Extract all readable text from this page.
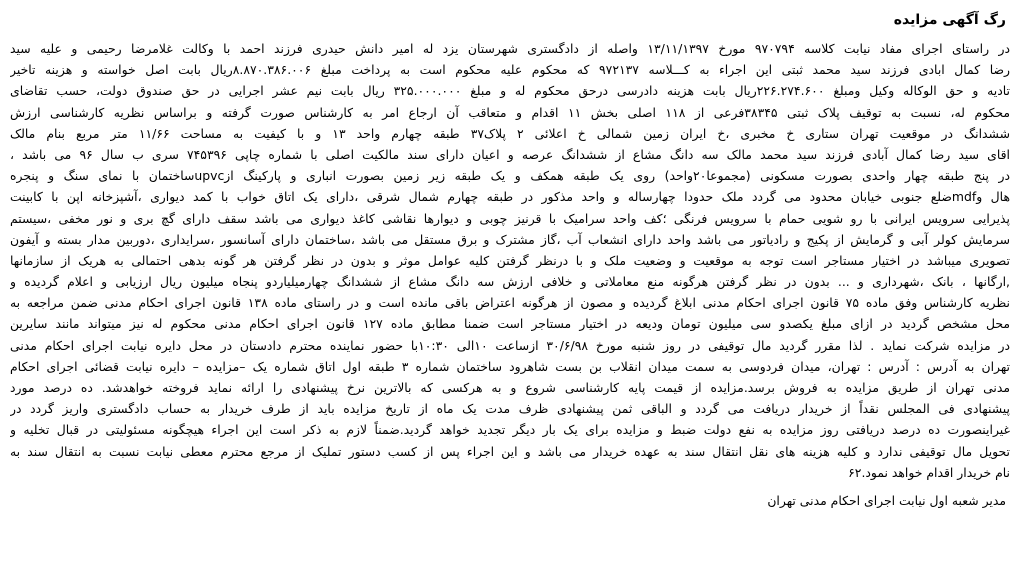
رگ آگهی مزایده
در راستای اجرای مفاد نیابت کلاسه ۹۷۰۷۹۴ مورخ ۱۳/۱۱/۱۳۹۷ واصله از دادگستری شهرستان یزد له امیر دانش حیدری فرزند احمد با وکالت غلامرضا رحیمی و علیه سید
رضا کمال ابادی فرزند سید محمد ثبتی این اجراء به کـــلاسه ۹۷۲۱۳۷ که محکوم علیه محکوم است به پرداخت مبلغ ۸.۸۷۰.۳۸۶.۰۰۶ریال بابت اصل خواسته و هزینه تاخیر
تادیه و حق الوکاله وکیل ومبلغ ۲۲۶.۲۷۴.۶۰۰ریال بابت هزینه دادرسی درحق محکوم له و مبلغ ۳۲۵.۰۰۰.۰۰۰ ریال بابت نیم عشر اجرایی در حق صندوق دولت، حسب تقاضای
محکوم له، نسبت به توقیف پلاک ثبتی ۳۸۳۴۵فرعی از ۱۱۸ اصلی بخش ۱۱ اقدام و متعاقب آن ارجاع امر به کارشناس صورت گرفته و براساس نظریه کارشناسی ارزش
ششدانگ در موقعیت تهران ستاری خ مخبری ،خ ایران زمین شمالی خ اعلائی ۲ پلاک۳۷ طبقه چهارم واحد ۱۳ و با کیفیت به مساحت ۱۱/۶۶ متر مربع بنام مالک
اقای سید رضا کمال آبادی فرزند سید محمد مالک سه دانگ مشاع از ششدانگ عرصه و اعیان دارای سند مالکیت اصلی با شماره چاپی ۷۴۵۳۹۶ سری ب سال ۹۶ می باشد ،
در پنج طبقه چهار واحدی بصورت مسکونی (مجموعا۲۰واحد) روی یک طبقه همکف و یک طبقه زیر زمین بصورت انباری و پارکینگ ازupvcساختمان با نمای سنگ و پنجره
هال وmdfضلع جنوبی خیابان محدود می گردد ملک حدودا چهارساله و واحد مذکور در طبقه چهارم شمال شرقی ،دارای یک اتاق خواب با کمد دیواری ،آشپزخانه اپن با کابینت
پذیرایی سرویس ایرانی با رو شویی حمام با سرویس فرنگی ؛کف واحد سرامیک با قرنیز چوبی و دیوارها نقاشی کاغذ دیواری می باشد سقف دارای گچ بری و نور مخفی ،سیستم
سرمایش کولر آبی و گرمایش از پکیج و رادیاتور می باشد واحد دارای انشعاب آب ،گاز مشترک و برق مستقل می باشد ،ساختمان دارای آسانسور ،سرایداری ،دوربین مدار بسته و آیفون
تصویری میباشد در اختیار مستاجر است توجه به موقعیت و وضعیت ملک و با درنظر گرفتن کلیه عوامل موثر و بدون در نظر گرفتن هر گونه بدهی احتمالی به هریک از سازمانها
,ارگانها ، بانک ،شهرداری و ... بدون در نظر گرفتن هرگونه منع معاملاتی و خلافی ارزش سه دانگ مشاع از ششدانگ چهارمیلیاردو پنجاه میلیون ریال ارزیابی و اعلام گردیده و
نظریه کارشناس وفق ماده ۷۵ قانون اجرای احکام مدنی ابلاغ گردیده و مصون از هرگونه اعتراض باقی مانده است و در راستای ماده ۱۳۸ قانون اجرای احکام مدنی ضمن مراجعه به
محل مشخص گردید در ازای مبلغ یکصدو سی میلیون تومان ودیعه در اختیار مستاجر است ضمنا مطابق ماده ۱۲۷ قانون اجرای احکام مدنی محکوم له نیز میتواند مانند سایرین
در مزایده شرکت نماید . لذا مقرر گردید مال توقیفی در روز شنبه مورخ ۳۰/۶/۹۸ ازساعت ۱۰الی ۱۰:۳۰با حضور نماینده محترم دادستان در محل دایره نیابت اجرای احکام مدنی
تهران به آدرس : آدرس : تهران، میدان فردوسی به سمت میدان انقلاب بن بست شاهرود ساختمان شماره ۳ طبقه اول اتاق شماره یک –مزایده – دایره نیابت قضائی اجرای احکام
مدنی تهران از طریق مزایده به فروش برسد.مزایده از قیمت پایه کارشناسی شروع و به هرکسی که بالاترین نرخ پیشنهادی را ارائه نماید فروخته خواهدشد. ده درصد مورد
پیشنهادی فی المجلس نقداً از خریدار دریافت می گردد و الباقی ثمن پیشنهادی ظرف مدت یک ماه از تاریخ مزایده باید از طرف خریدار به حساب دادگستری واریز گردد در
غیراینصورت ده درصد دریافتی روز مزایده به نفع دولت ضبط و مزایده برای یک بار دیگر تجدید خواهد گردید.ضمناً لازم به ذکر است این اجراء هیچگونه مسئولیتی در قبال تخلیه و
تحویل مال توقیفی ندارد و کلیه هزینه های نقل انتقال سند به عهده خریدار می باشد و این اجراء پس از کسب دستور تملیک از مرجع محترم معطی نیابت نسبت به انتقال سند به
نام خریدار اقدام خواهد نمود.۶۲
مدیر شعبه اول نیابت اجرای احکام مدنی تهران
